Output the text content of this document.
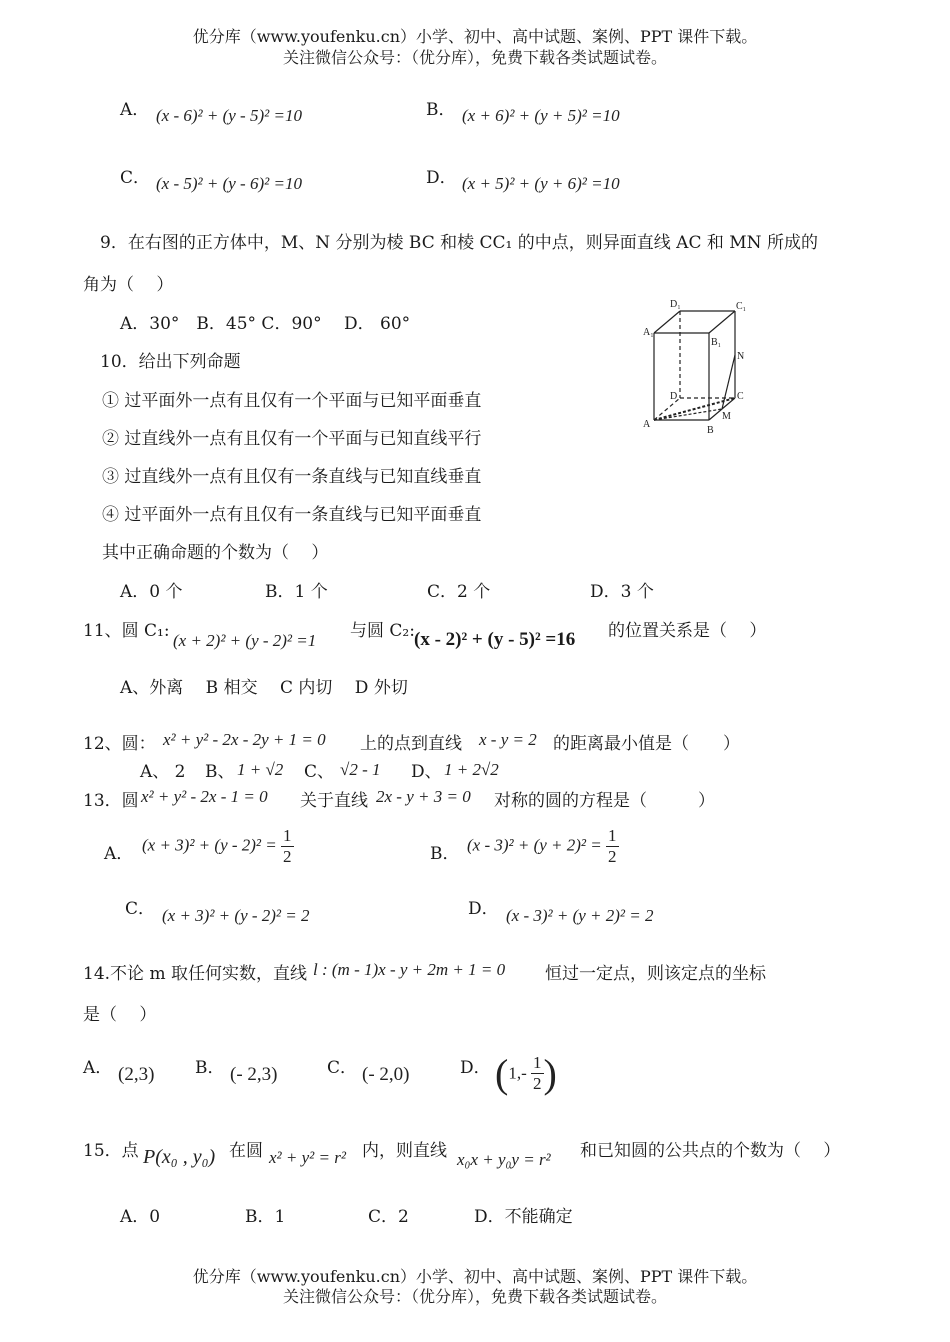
优分库（www.youfenku.cn）小学、初中、高中试题、案例、PPT 课件下载。
关注微信公众号：（优分库），免费下载各类试题试卷。
A． (x - 6)² + (y - 5)² =10	B． (x + 6)² + (y + 5)² =10
C． (x - 5)² + (y - 6)² =10	D． (x + 5)² + (y + 6)² =10
9．在右图的正方体中，M、N 分别为棱 BC 和棱 CC₁ 的中点，则异面直线 AC 和 MN 所成的
角为（　 ）
A．30°　B．45° C．90°　 D． 60°
D₁	C₁
A₁
B₁
N
D	C
A
M
B
10．给出下列命题
① 过平面外一点有且仅有一个平面与已知平面垂直
② 过直线外一点有且仅有一个平面与已知直线平行
③ 过直线外一点有且仅有一条直线与已知直线垂直
④ 过平面外一点有且仅有一条直线与已知平面垂直
其中正确命题的个数为（　 ）
A．0 个	B．1 个	C．2 个	D．3 个
11、圆 C₁: (x + 2)² + (y - 2)² =1 与圆 C₂: (x - 2)² + (y - 5)² =16 的位置关系是（　 ）
A、外离　 B 相交　 C 内切　 D 外切
12、圆： x² + y² - 2x - 2y + 1 = 0 上的点到直线 x - y = 2 的距离最小值是（　　）
A、 2 B、 1 + √2 C、 √2 - 1 D、 1 + 2√2
13．圆 x² + y² - 2x - 1 = 0 关于直线 2x - y + 3 = 0 对称的圆的方程是（　　　）
A． $(x + 3)^2 + (y - 2)^2 = \frac{1}{2}$	B． $(x - 3)^2 + (y + 2)^2 = \frac{1}{2}$
C． (x + 3)² + (y - 2)² = 2	D． (x - 3)² + (y + 2)² = 2
14.不论 m 取任何实数，直线 l : (m - 1)x - y + 2m + 1 = 0 恒过一定点，则该定点的坐标
是（　 ）
A． (2,3) B． (- 2,3)	C． (- 2,0)	D． ($1,- \frac{1}{2}$ )
15．点 P(x₀ , y₀) 在圆 x² + y² = r² 内，则直线 x₀x + y₀y = r² 和已知圆的公共点的个数为（　 ）
A．0	B．1	C．2	D．不能确定
优分库（www.youfenku.cn）小学、初中、高中试题、案例、PPT 课件下载。
关注微信公众号：（优分库），免费下载各类试题试卷。
